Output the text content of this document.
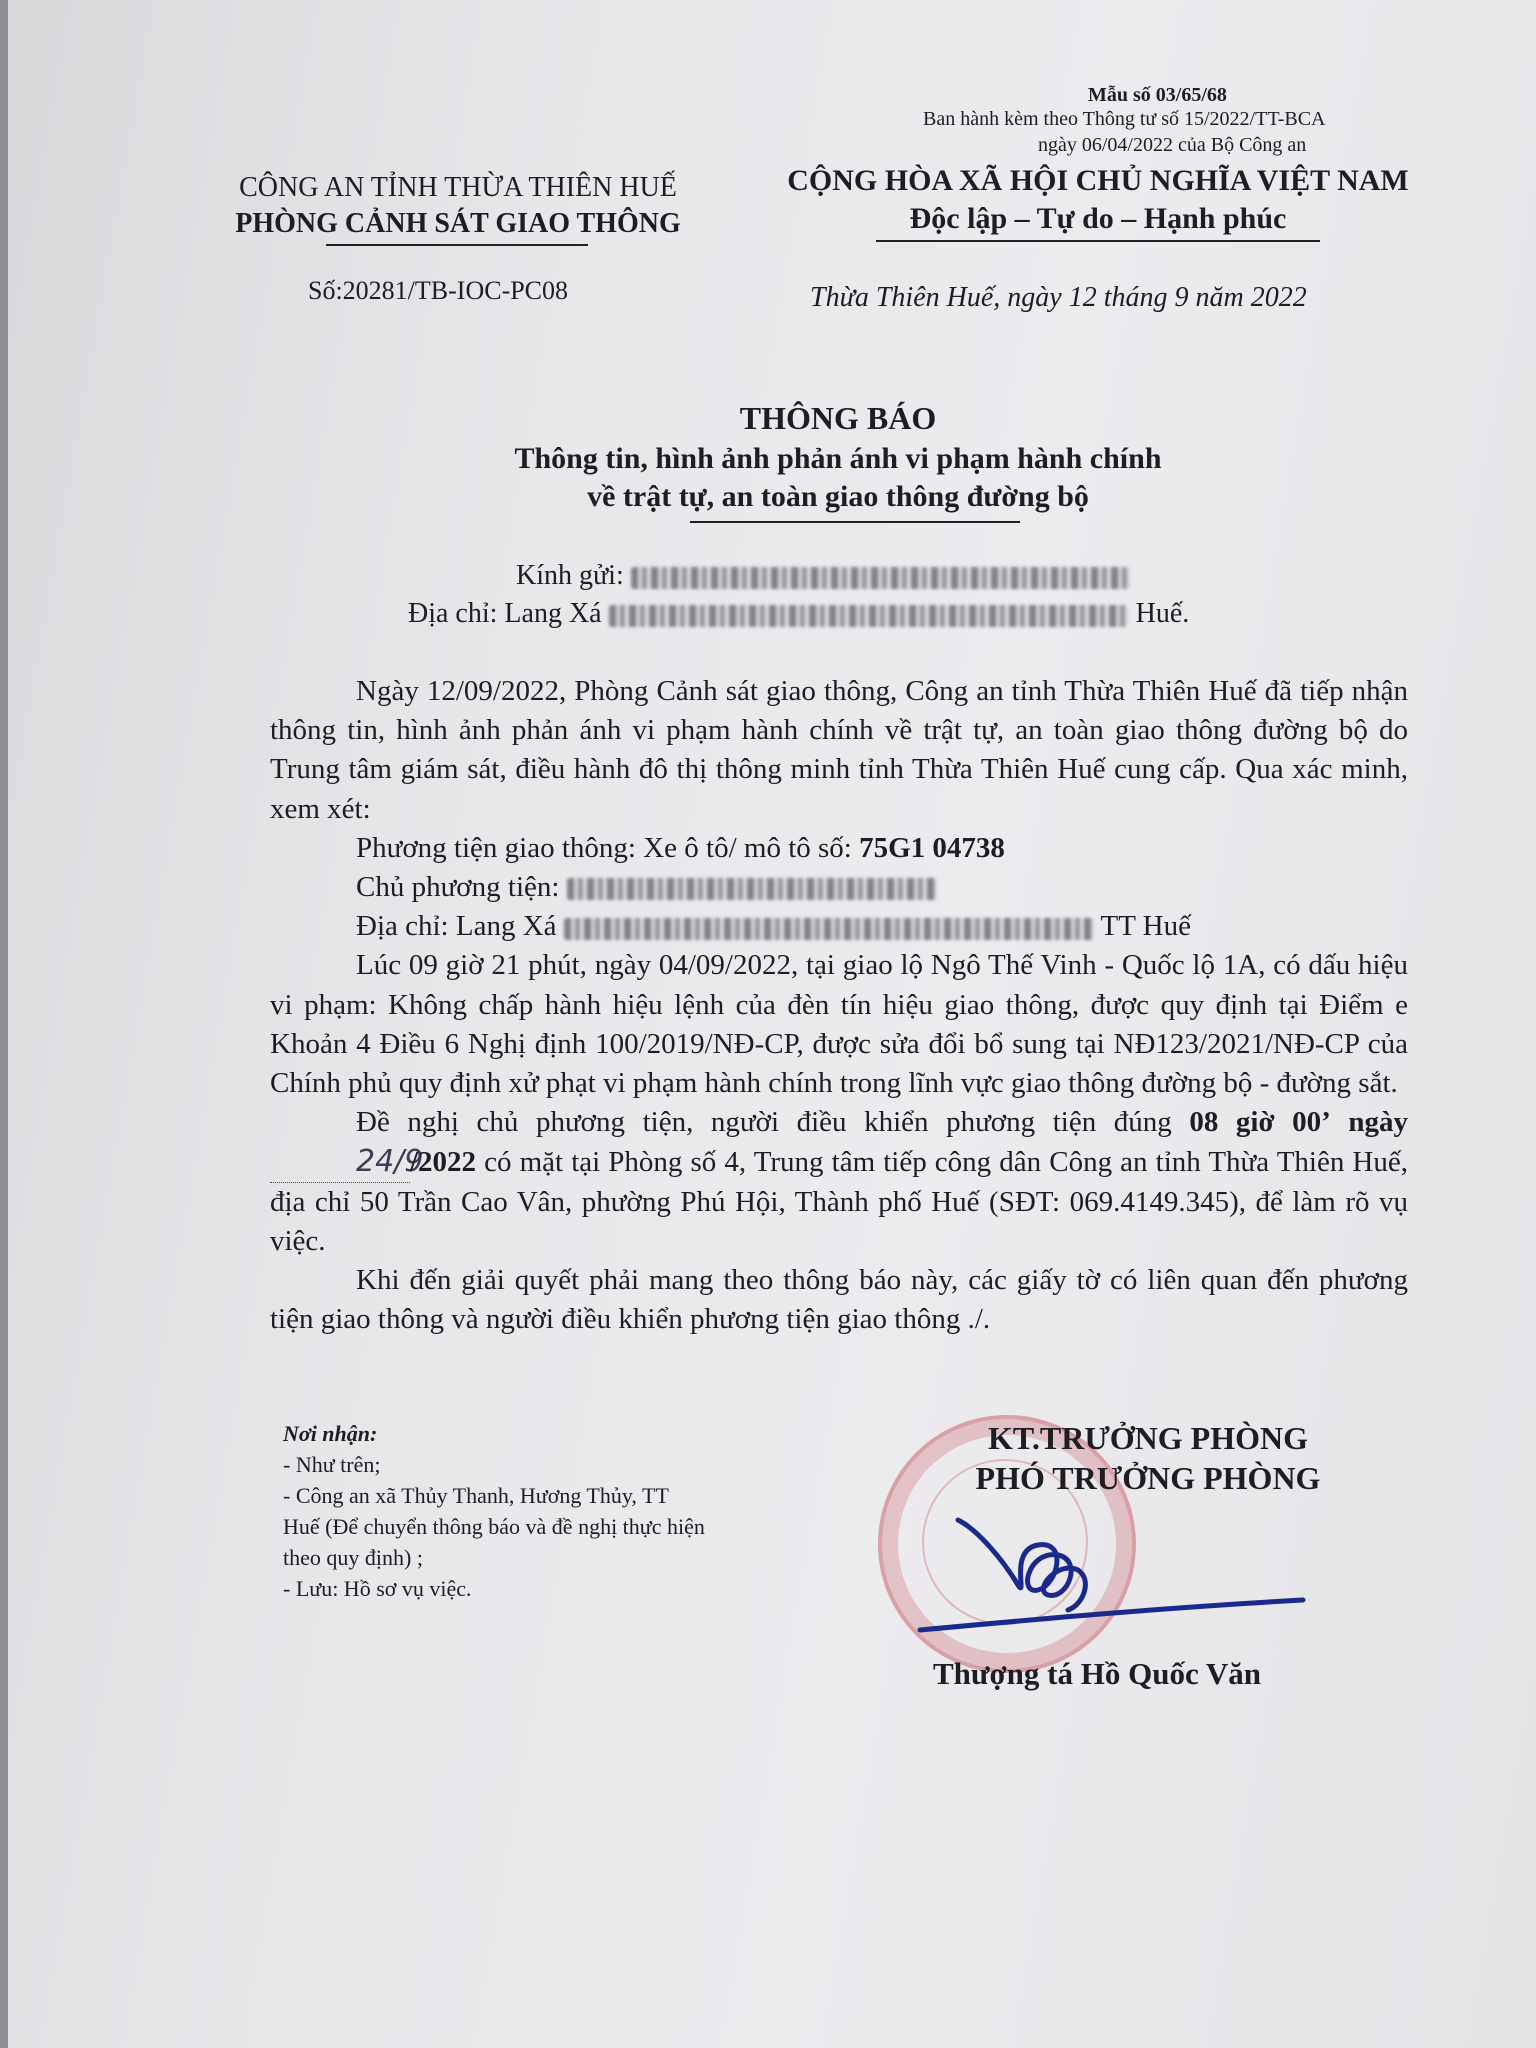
Mẫu số 03/65/68
Ban hành kèm theo Thông tư số 15/2022/TT-BCA
ngày 06/04/2022 của Bộ Công an
CÔNG AN TỈNH THỪA THIÊN HUẾ
PHÒNG CẢNH SÁT GIAO THÔNG
CỘNG HÒA XÃ HỘI CHỦ NGHĨA VIỆT NAM
Độc lập – Tự do – Hạnh phúc
Số:20281/TB-IOC-PC08	Thừa Thiên Huế, ngày 12 tháng 9 năm 2022
THÔNG BÁO
Thông tin, hình ảnh phản ánh vi phạm hành chính
về trật tự, an toàn giao thông đường bộ
Kính gửi:
Địa chỉ: Lang Xá	Huế.

Ngày 12/09/2022, Phòng Cảnh sát giao thông, Công an tỉnh Thừa Thiên Huế đã tiếp nhận thông tin, hình ảnh phản ánh vi phạm hành chính về trật tự, an toàn giao thông đường bộ do Trung tâm giám sát, điều hành đô thị thông minh tỉnh Thừa Thiên Huế cung cấp. Qua xác minh, xem xét:

Phương tiện giao thông: Xe ô tô/ mô tô số: 75G1 04738

Chủ phương tiện:

Địa chỉ: Lang Xá	TT Huế

Lúc 09 giờ 21 phút, ngày 04/09/2022, tại giao lộ Ngô Thế Vinh - Quốc lộ 1A, có dấu hiệu vi phạm: Không chấp hành hiệu lệnh của đèn tín hiệu giao thông, được quy định tại Điểm e Khoản 4 Điều 6 Nghị định 100/2019/NĐ-CP, được sửa đổi bổ sung tại NĐ123/2021/NĐ-CP của Chính phủ quy định xử phạt vi phạm hành chính trong lĩnh vực giao thông đường bộ - đường sắt.

Đề nghị chủ phương tiện, người điều khiển phương tiện đúng 08 giờ 00’ ngày 24/9/2022 có mặt tại Phòng số 4, Trung tâm tiếp công dân Công an tỉnh Thừa Thiên Huế, địa chỉ 50 Trần Cao Vân, phường Phú Hội, Thành phố Huế (SĐT: 069.4149.345), để làm rõ vụ việc.

Khi đến giải quyết phải mang theo thông báo này, các giấy tờ có liên quan đến phương tiện giao thông và người điều khiển phương tiện giao thông ./.

Nơi nhận:
- Như trên;
- Công an xã Thủy Thanh, Hương Thủy, TT
Huế (Để chuyển thông báo và đề nghị thực hiện
theo quy định) ;
- Lưu: Hồ sơ vụ việc.
KT.TRƯỞNG PHÒNG
PHÓ TRƯỞNG PHÒNG
Thượng tá Hồ Quốc Văn
